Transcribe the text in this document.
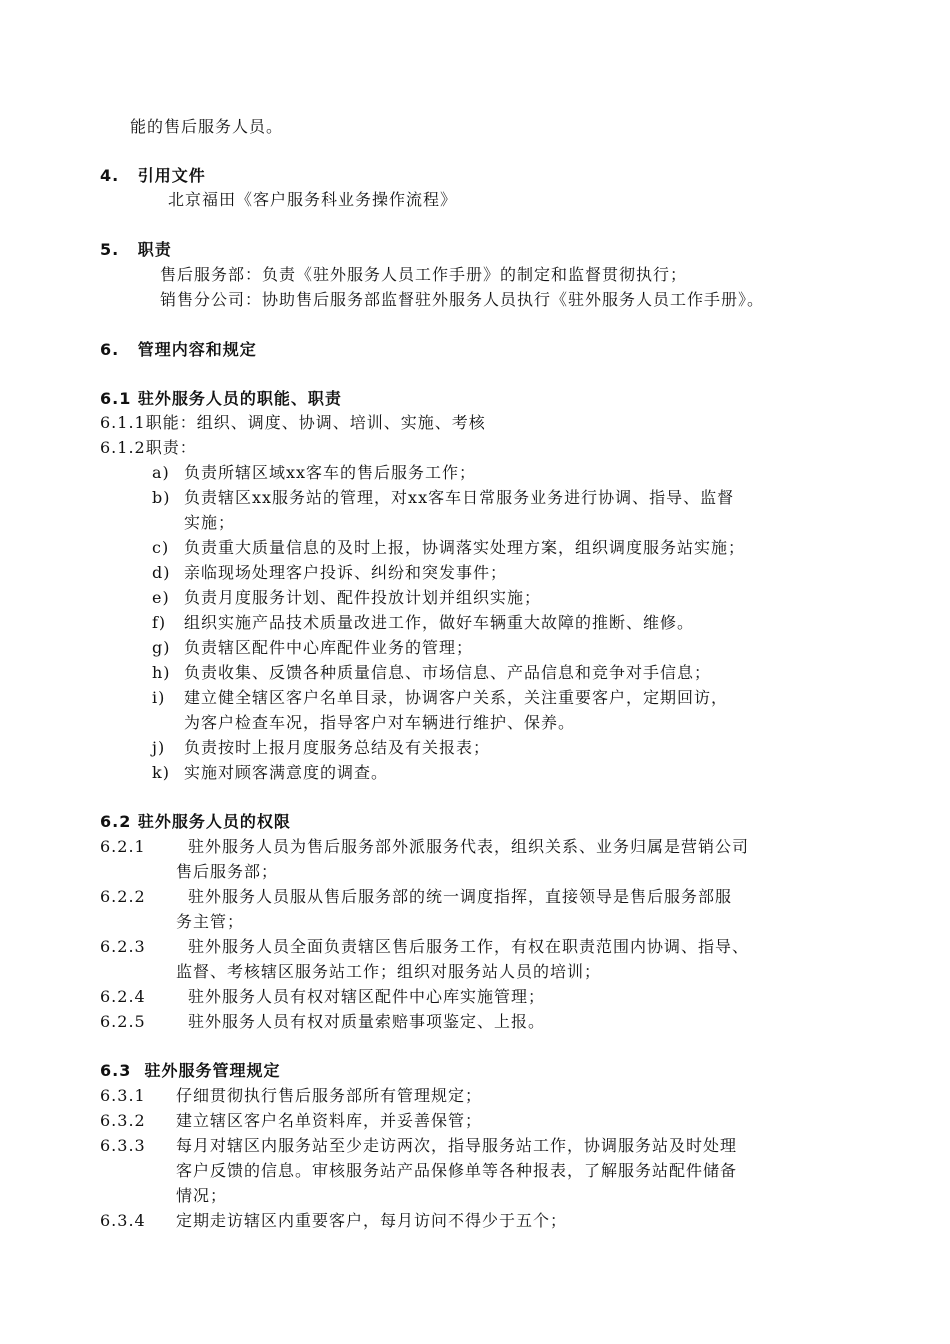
能的售后服务人员。
4. 引用文件
北京福田《客户服务科业务操作流程》
5. 职责
售后服务部：负责《驻外服务人员工作手册》的制定和监督贯彻执行；
销售分公司：协助售后服务部监督驻外服务人员执行《驻外服务人员工作手册》。
6. 管理内容和规定
6.1 驻外服务人员的职能、职责
6.1.1职能：组织、调度、协调、培训、实施、考核
6.1.2职责：
a) 负责所辖区域xx客车的售后服务工作；
b) 负责辖区xx服务站的管理，对xx客车日常服务业务进行协调、指导、监督
实施；
c) 负责重大质量信息的及时上报，协调落实处理方案，组织调度服务站实施；
d) 亲临现场处理客户投诉、纠纷和突发事件；
e) 负责月度服务计划、配件投放计划并组织实施；
f) 组织实施产品技术质量改进工作，做好车辆重大故障的推断、维修。
g) 负责辖区配件中心库配件业务的管理；
h) 负责收集、反馈各种质量信息、市场信息、产品信息和竞争对手信息；
i) 建立健全辖区客户名单目录，协调客户关系，关注重要客户，定期回访，
为客户检查车况，指导客户对车辆进行维护、保养。
j) 负责按时上报月度服务总结及有关报表；
k) 实施对顾客满意度的调查。
6.2 驻外服务人员的权限
6.2.1	驻外服务人员为售后服务部外派服务代表，组织关系、业务归属是营销公司
售后服务部；
6.2.2	驻外服务人员服从售后服务部的统一调度指挥，直接领导是售后服务部服
务主管；
6.2.3	驻外服务人员全面负责辖区售后服务工作，有权在职责范围内协调、指导、
监督、考核辖区服务站工作；组织对服务站人员的培训；
6.2.4	驻外服务人员有权对辖区配件中心库实施管理；
6.2.5	驻外服务人员有权对质量索赔事项鉴定、上报。
6.3  驻外服务管理规定
6.3.1 仔细贯彻执行售后服务部所有管理规定；
6.3.2 建立辖区客户名单资料库，并妥善保管；
6.3.3 每月对辖区内服务站至少走访两次，指导服务站工作，协调服务站及时处理
客户反馈的信息。审核服务站产品保修单等各种报表，了解服务站配件储备
情况；
6.3.4 定期走访辖区内重要客户，每月访问不得少于五个；
